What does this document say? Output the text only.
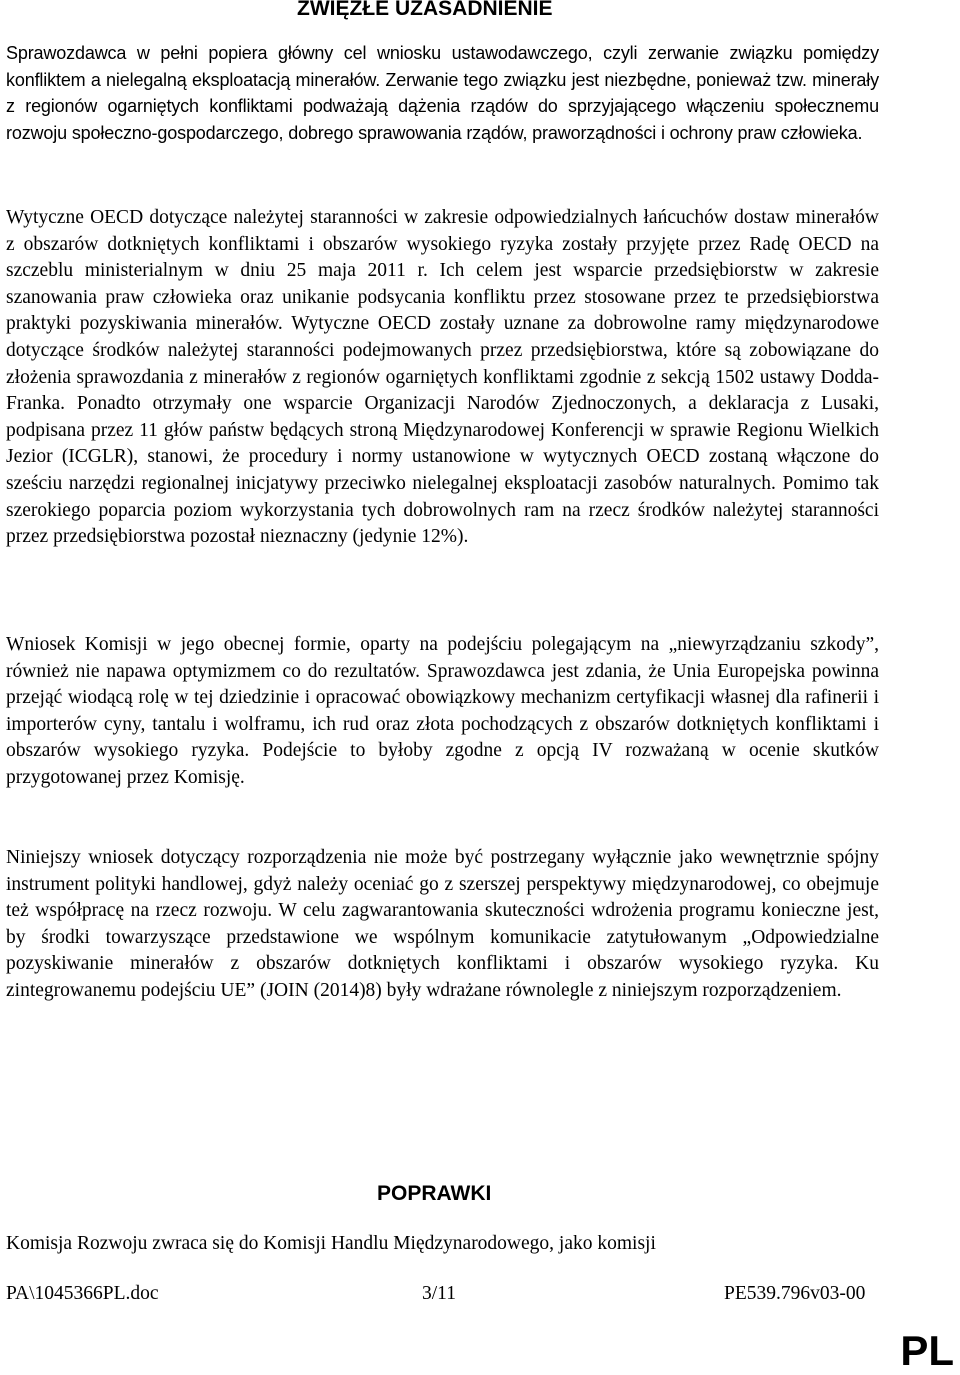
ZWIĘZŁE UZASADNIENIE

Sprawozdawca w pełni popiera główny cel wniosku ustawodawczego, czyli zerwanie związku pomiędzy konfliktem a nielegalną eksploatacją minerałów. Zerwanie tego związku jest niezbędne, ponieważ tzw. minerały z regionów ogarniętych konfliktami podważają dążenia rządów do sprzyjającego włączeniu społecznemu rozwoju społeczno-gospodarczego, dobrego sprawowania rządów, praworządności i ochrony praw człowieka.

Wytyczne OECD dotyczące należytej staranności w zakresie odpowiedzialnych łańcuchów dostaw minerałów z obszarów dotkniętych konfliktami i obszarów wysokiego ryzyka zostały przyjęte przez Radę OECD na szczeblu ministerialnym w dniu 25 maja 2011 r. Ich celem jest wsparcie przedsiębiorstw w zakresie szanowania praw człowieka oraz unikanie podsycania konfliktu przez stosowane przez te przedsiębiorstwa praktyki pozyskiwania minerałów. Wytyczne OECD zostały uznane za dobrowolne ramy międzynarodowe dotyczące środków należytej staranności podejmowanych przez przedsiębiorstwa, które są zobowiązane do złożenia sprawozdania z minerałów z regionów ogarniętych konfliktami zgodnie z sekcją 1502 ustawy Dodda-Franka. Ponadto otrzymały one wsparcie Organizacji Narodów Zjednoczonych, a deklaracja z Lusaki, podpisana przez 11 głów państw będących stroną Międzynarodowej Konferencji w sprawie Regionu Wielkich Jezior (ICGLR), stanowi, że procedury i normy ustanowione w wytycznych OECD zostaną włączone do sześciu narzędzi regionalnej inicjatywy przeciwko nielegalnej eksploatacji zasobów naturalnych. Pomimo tak szerokiego poparcia poziom wykorzystania tych dobrowolnych ram na rzecz środków należytej staranności przez przedsiębiorstwa pozostał nieznaczny (jedynie 12%).

Wniosek Komisji w jego obecnej formie, oparty na podejściu polegającym na „niewyrządzaniu szkody”, również nie napawa optymizmem co do rezultatów. Sprawozdawca jest zdania, że Unia Europejska powinna przejąć wiodącą rolę w tej dziedzinie i opracować obowiązkowy mechanizm certyfikacji własnej dla rafinerii i importerów cyny, tantalu i wolframu, ich rud oraz złota pochodzących z obszarów dotkniętych konfliktami i obszarów wysokiego ryzyka. Podejście to byłoby zgodne z opcją IV rozważaną w ocenie skutków przygotowanej przez Komisję.

Niniejszy wniosek dotyczący rozporządzenia nie może być postrzegany wyłącznie jako wewnętrznie spójny instrument polityki handlowej, gdyż należy oceniać go z szerszej perspektywy międzynarodowej, co obejmuje też współpracę na rzecz rozwoju. W celu zagwarantowania skuteczności wdrożenia programu konieczne jest, by środki towarzyszące przedstawione we wspólnym komunikacie zatytułowanym „Odpowiedzialne pozyskiwanie minerałów z obszarów dotkniętych konfliktami i obszarów wysokiego ryzyka. Ku zintegrowanemu podejściu UE” (JOIN (2014)8) były wdrażane równolegle z niniejszym rozporządzeniem.

POPRAWKI

Komisja Rozwoju zwraca się do Komisji Handlu Międzynarodowego, jako komisji

PA\1045366PL.doc	3/11	PE539.796v03-00
PL
